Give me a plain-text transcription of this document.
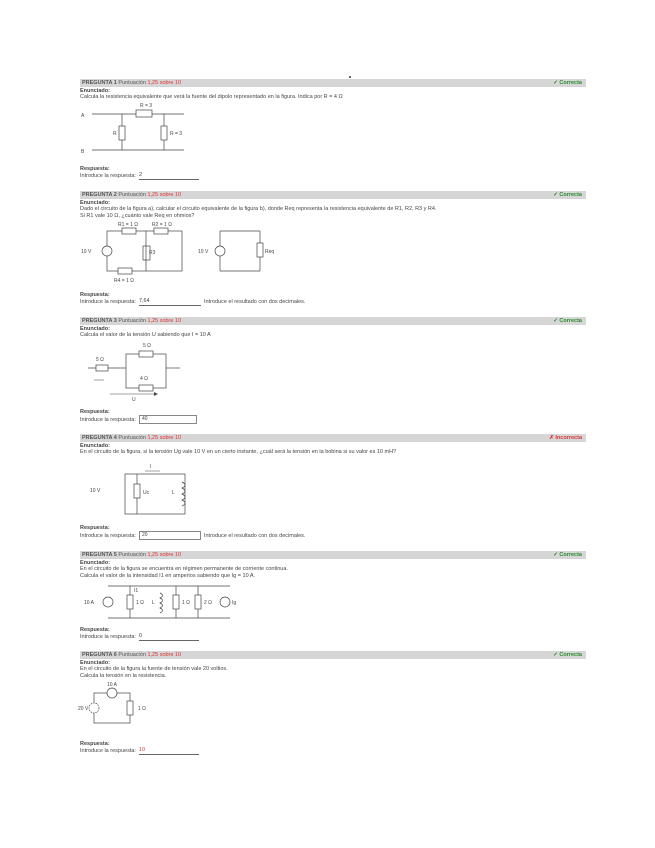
PREGUNTA 1 Puntuación 1,25 sobre 10	✓ Correcta
Enunciado:
Calcula la resistencia equivalente que verá la fuente del dipolo representado en la figura. Indica por R = 4 Ω
R = 3
R	R = 3
A
B
Respuesta:
Introduce la respuesta: 2
PREGUNTA 2 Puntuación 1,25 sobre 10	✓ Correcta
Enunciado:
Dado el circuito de la figura a), calcular el circuito equivalente de la figura b), donde Req representa la resistencia equivalente de R1, R2, R3 y R4.
Si R1 vale 10 Ω, ¿cuánto vale Req en ohmios?
R1 = 1 Ω	R2 = 1 Ω
10 V	R3
R4 = 1 Ω
10 V	Req
Respuesta:
Introduce la respuesta: 7,64	Introduce el resultado con dos decimales.
PREGUNTA 3 Puntuación 1,25 sobre 10	✓ Correcta
Enunciado:
Calcula el valor de la tensión U sabiendo que I = 10 A
5 Ω
5 Ω
4 Ω
U
Respuesta:
Introduce la respuesta:	40
PREGUNTA 4 Puntuación 1,25 sobre 10	✗ Incorrecta
Enunciado:
En el circuito de la figura, si la tensión Ug vale 10 V en un cierto instante, ¿cuál será la tensión en la bobina si su valor es 10 mH?
10 V
I
Uc	L
Respuesta:
Introduce la respuesta:	20	Introduce el resultado con dos decimales.
PREGUNTA 5 Puntuación 1,25 sobre 10	✓ Correcta
Enunciado:
En el circuito de la figura se encuentra en régimen permanente de corriente continua.
Calcula el valor de la intensidad I1 en amperios sabiendo que Ig = 10 A.
10 A	1 Ω L	1 Ω	2 Ω	Ig
I1
Respuesta:
Introduce la respuesta: 0
PREGUNTA 6 Puntuación 1,25 sobre 10	✓ Correcta
Enunciado:
En el circuito de la figura la fuente de tensión vale 20 voltios.
Calcula la tensión en la resistencia.
10 A
1 Ω
20 V
Respuesta:
Introduce la respuesta: 10
